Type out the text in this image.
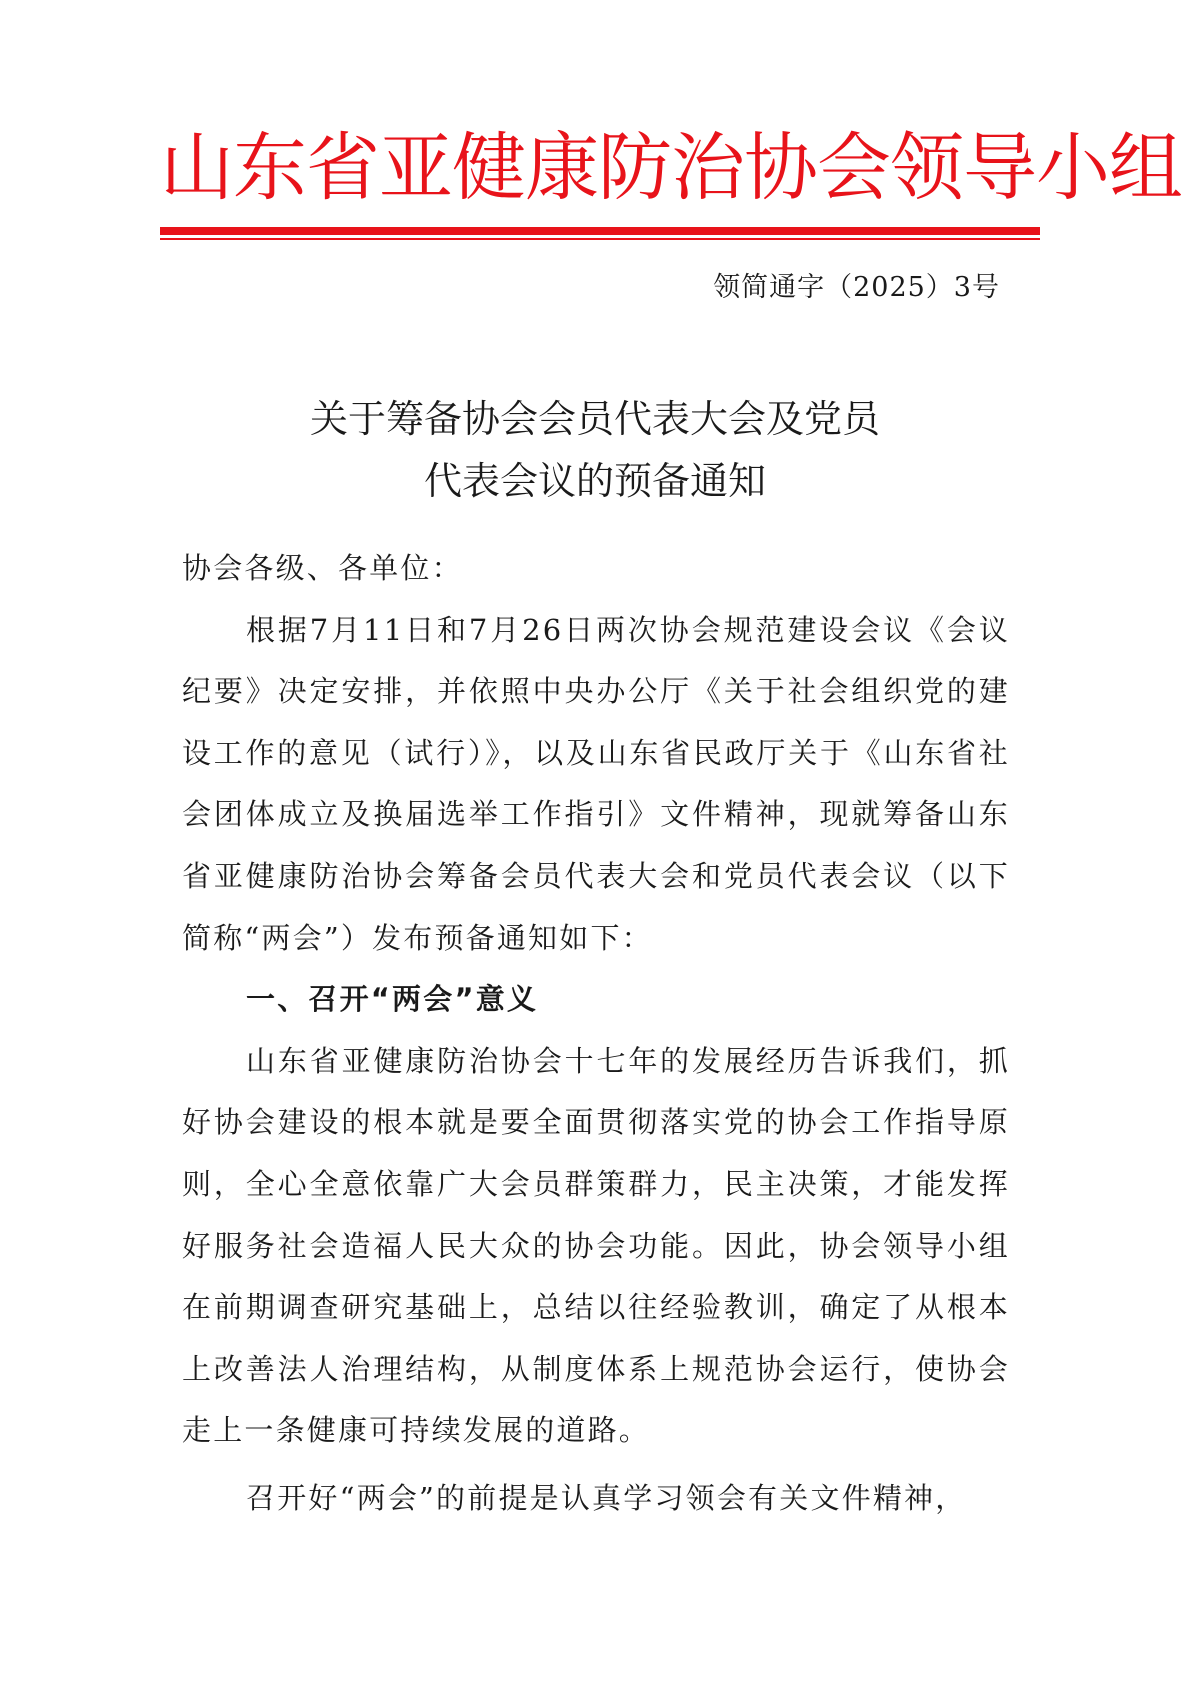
山东省亚健康防治协会领导小组
领简通字（2025）3号
关于筹备协会会员代表大会及党员
代表会议的预备通知

协会各级、各单位：

根据7月11日和7月26日两次协会规范建设会议《会议纪要》决定安排，并依照中央办公厅《关于社会组织党的建设工作的意见（试行）》，以及山东省民政厅关于《山东省社会团体成立及换届选举工作指引》文件精神，现就筹备山东省亚健康防治协会筹备会员代表大会和党员代表会议（以下简称“两会”）发布预备通知如下：

一、召开“两会”意义

山东省亚健康防治协会十七年的发展经历告诉我们，抓好协会建设的根本就是要全面贯彻落实党的协会工作指导原则，全心全意依靠广大会员群策群力，民主决策，才能发挥好服务社会造福人民大众的协会功能。因此，协会领导小组在前期调查研究基础上，总结以往经验教训，确定了从根本上改善法人治理结构，从制度体系上规范协会运行，使协会走上一条健康可持续发展的道路。

召开好“两会”的前提是认真学习领会有关文件精神，
